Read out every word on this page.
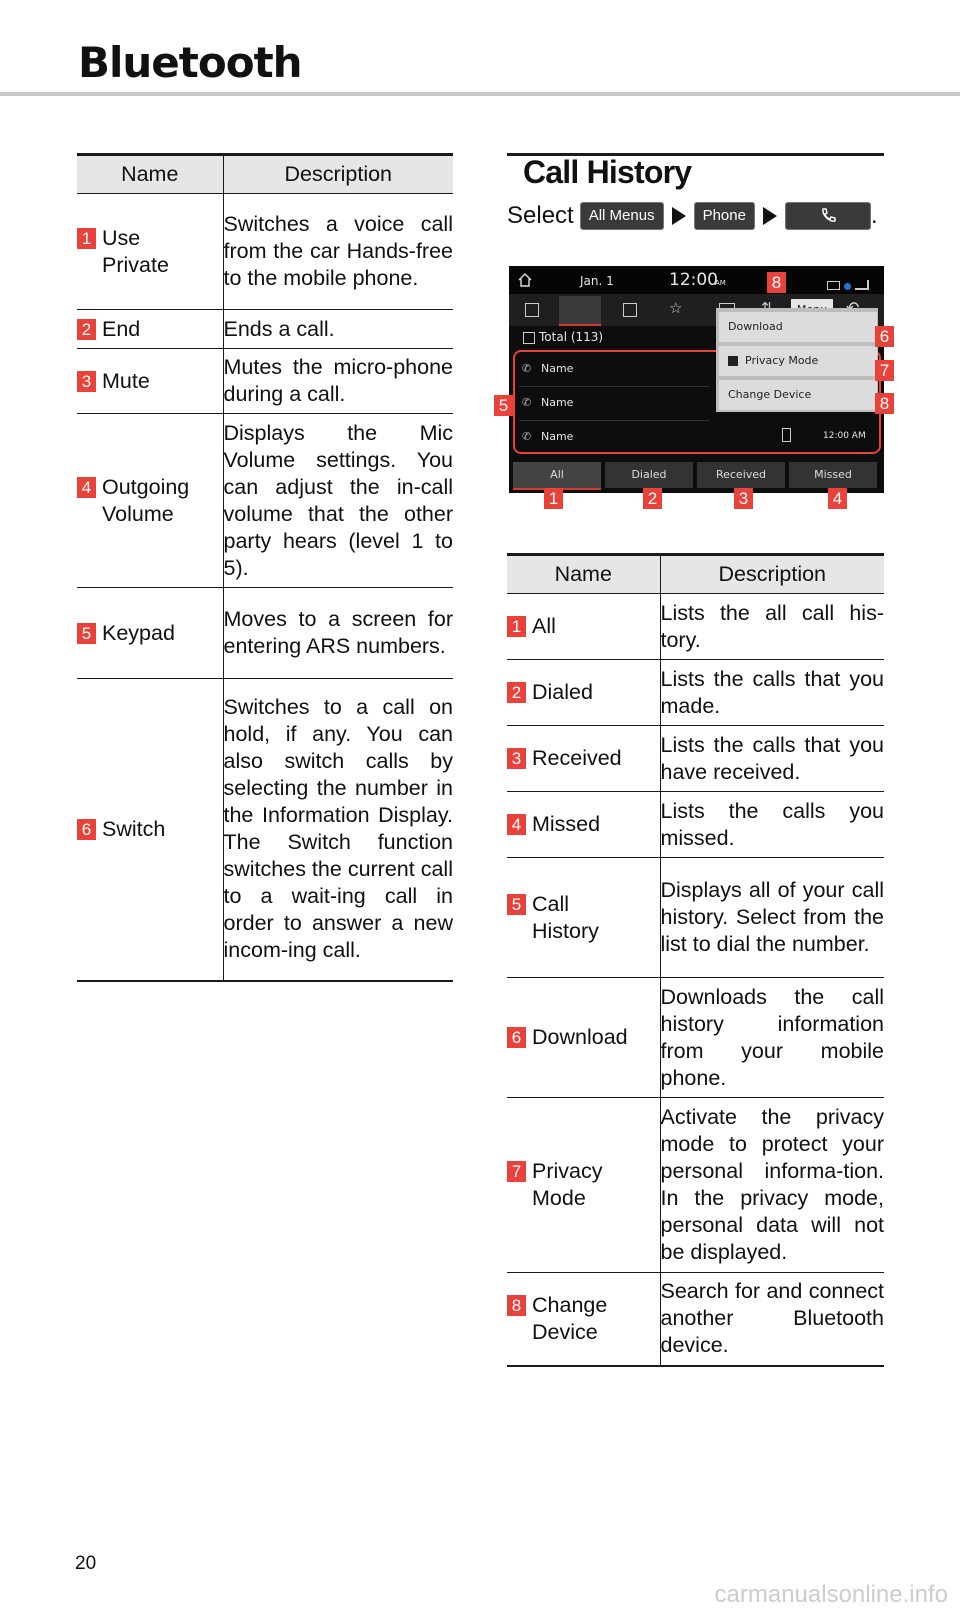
Bluetooth
Name	Description

1 Use Private	Switches a voice call from the car Hands-free to the mobile phone.

2 End	Ends a call.

3 Mute	Mutes the micro-phone during a call.

4 Outgoing Volume	Displays the Mic Volume settings. You can adjust the in-call volume that the other party hears (level 1 to 5).

5 Keypad	Moves to a screen for entering ARS numbers.

6 Switch	Switches to a call on hold, if any. You can also switch calls by selecting the number in the Information Display. The Switch function switches the current call to a wait-ing call in order to answer a new incom-ing call.
Call History
Select	All Menus	Phone	.
Jan. 1	12:00
AM
☆
Total (113)
✆ Name
✆ Name
✆ Name	12:00 AM
Download
Privacy Mode
Change Device
All	Dialed	Received	Missed
8
6
7
8
5
1	2	3	4
Name	Description

1 All	Lists the all call his-tory.

2 Dialed	Lists the calls that you made.

3 Received	Lists the calls that you have received.

4 Missed	Lists the calls you missed.

5 Call History	Displays all of your call history. Select from the list to dial the number.

6 Download	Downloads the call history information from your mobile phone.

7 Privacy Mode	Activate the privacy mode to protect your personal informa-tion. In the privacy mode, personal data will not be displayed.

8 Change Device	Search for and connect another Bluetooth device.
20
carmanualsonline.info
